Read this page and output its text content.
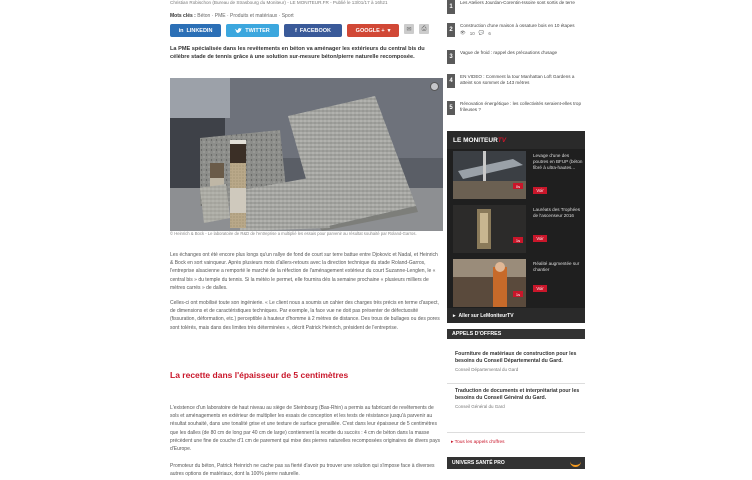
Christian Robischon (Bureau de Strasbourg du Moniteur) - LE MONITEUR.FR - Publié le 13/01/17 à 16h21
Mots clés : Béton · PME · Produits et matériaux · Sport
in LINKEDIN	TWITTER	f FACEBOOK	GOOGLE + ▾	✉	⎙
La PME spécialisée dans les revêtements en béton va aménager les extérieurs du central bis du célèbre stade de tennis grâce à une solution sur-mesure béton/pierre naturelle recomposée.
© Heinrich & Bock - Le laboratoire de R&D de l'entreprise a multiplié les essais pour parvenir au résultat souhaité par Roland-Garros.
Les échanges ont été encore plus longs qu'un rallye de fond de court sur terre battue entre Djokovic et Nadal, et Heinrich & Bock en sort vainqueur. Après plusieurs mois d'allers-retours avec la direction technique du stade Roland-Garros, l'entreprise alsacienne a remporté le marché de la réfection de l'aménagement extérieur du court Suzanne-Lenglen, le « central bis » du temple du tennis. Si la météo le permet, elle fournira dès la semaine prochaine « plusieurs milliers de mètres carrés » de dalles.
Celles-ci ont mobilisé toute son ingénierie. « Le client nous a soumis un cahier des charges très précis en terme d'aspect, de dimensions et de caractéristiques techniques. Par exemple, la face vue ne doit pas présenter de défectuosité (fissuration, déformation, etc.) perceptible à hauteur d'homme à 2 mètres de distance. Des trous de bullages ou des pores sont tolérés, mais dans des limites très déterminées », décrit Patrick Heinrich, président de l'entreprise.
La recette dans l'épaisseur de 5 centimètres
L'existence d'un laboratoire de haut niveau au siège de Steinbourg (Bas-Rhin) a permis au fabricant de revêtements de sols et aménagements en extérieur de multiplier les essais de conception et les tests de résistance jusqu'à parvenir au résultat souhaité, dans une tonalité grise et une texture de surface grenaillée. C'est dans leur épaisseur de 5 centimètres que les dalles (de 80 cm de long par 40 cm de large) contiennent la recette du succès : 4 cm de béton dans la masse précèdent une fine de couche d'1 cm de parement qui mixe des pierres naturelles recomposées originaires de divers pays d'Europe.
Promoteur du béton, Patrick Heinrich ne cache pas sa fierté d'avoir pu trouver une solution qui s'impose face à diverses autres options de matériaux, dont la 100% pierre naturelle.
1
Les Ateliers Jourdan-Corentin-Issoire sont sortis de terre
2
Construction d'une maison à ossature bois en 10 étapes
👁 10 💬 6
3
Vague de froid : rappel des précautions d'usage
4
EN VIDEO : Comment la tour Manhattan Loft Gardens a atteint son sommet de 143 mètres
5
Rénovation énergétique : les collectivités seraient-elles trop frileuses ?
LE MONITEUR TV
0s
Levage d'une des poutres en BFUP (béton fibré à ultra-hautes...
Voir
1s
Lauréats des Trophées de l'ascenseur 2016
Voir
1s
Réalité augmentée sur chantier
Voir
▸ Aller sur LeMoniteurTV
APPELS D'OFFRES
Fourniture de matériaux de construction pour les besoins du Conseil Départemental du Gard.
Conseil Départemental du Gard
Traduction de documents et interprétariat pour les besoins du Conseil Général du Gard.
Conseil Général du Gard
▸ Tous les appels d'offres
UNIVERS SANTÉ PRO
